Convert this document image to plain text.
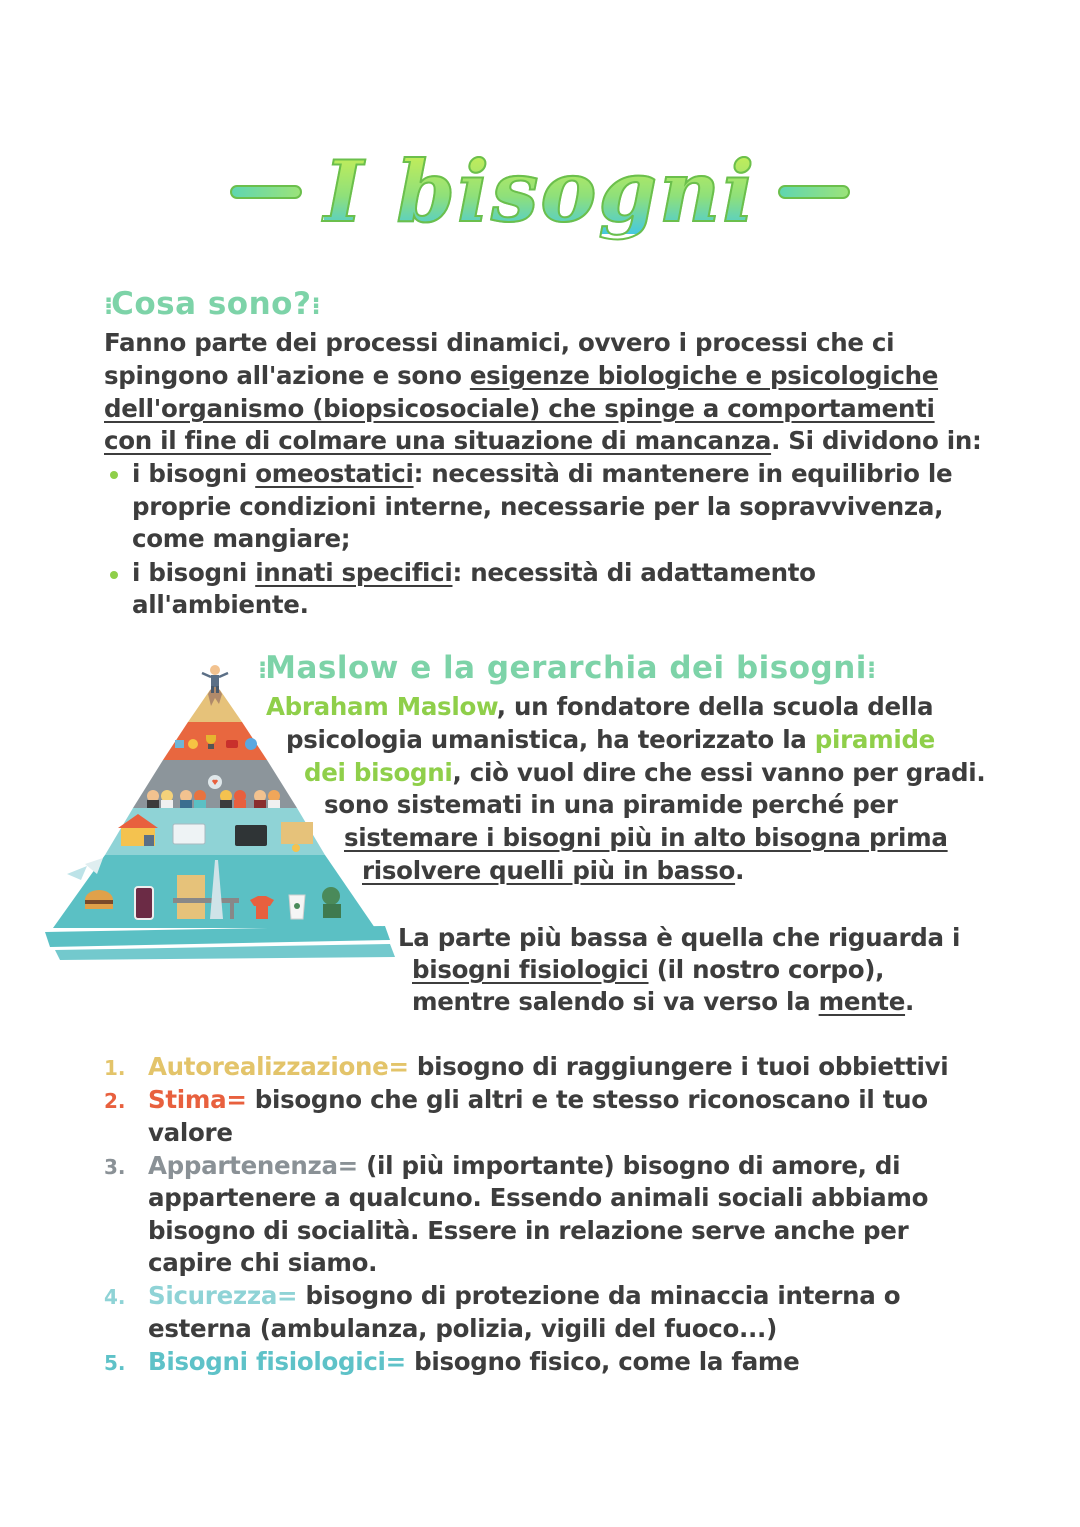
I bisogni
⁝Cosa sono?⁝
Fanno parte dei processi dinamici, ovvero i processi che ci
spingono all'azione e sono esigenze biologiche e psicologiche
dell'organismo (biopsicosociale) che spinge a comportamenti
con il fine di colmare una situazione di mancanza. Si dividono in:
i bisogni omeostatici: necessità di mantenere in equilibrio le
proprie condizioni interne, necessarie per la sopravvivenza,
come mangiare;
i bisogni innati specifici: necessità di adattamento
all'ambiente.
⁝Maslow e la gerarchia dei bisogni⁝
Abraham Maslow, un fondatore della scuola della
psicologia umanistica, ha teorizzato la piramide
dei bisogni, ciò vuol dire che essi vanno per gradi.
sono sistemati in una piramide perché per
sistemare i bisogni più in alto bisogna prima
risolvere quelli più in basso.
La parte più bassa è quella che riguarda i
bisogni fisiologici (il nostro corpo),
mentre salendo si va verso la mente.
1. Autorealizzazione= bisogno di raggiungere i tuoi obbiettivi
2. Stima= bisogno che gli altri e te stesso riconoscano il tuo
valore
3. Appartenenza= (il più importante) bisogno di amore, di
appartenere a qualcuno. Essendo animali sociali abbiamo
bisogno di socialità. Essere in relazione serve anche per
capire chi siamo.
4. Sicurezza= bisogno di protezione da minaccia interna o
esterna (ambulanza, polizia, vigili del fuoco...)
5. Bisogni fisiologici= bisogno fisico, come la fame
